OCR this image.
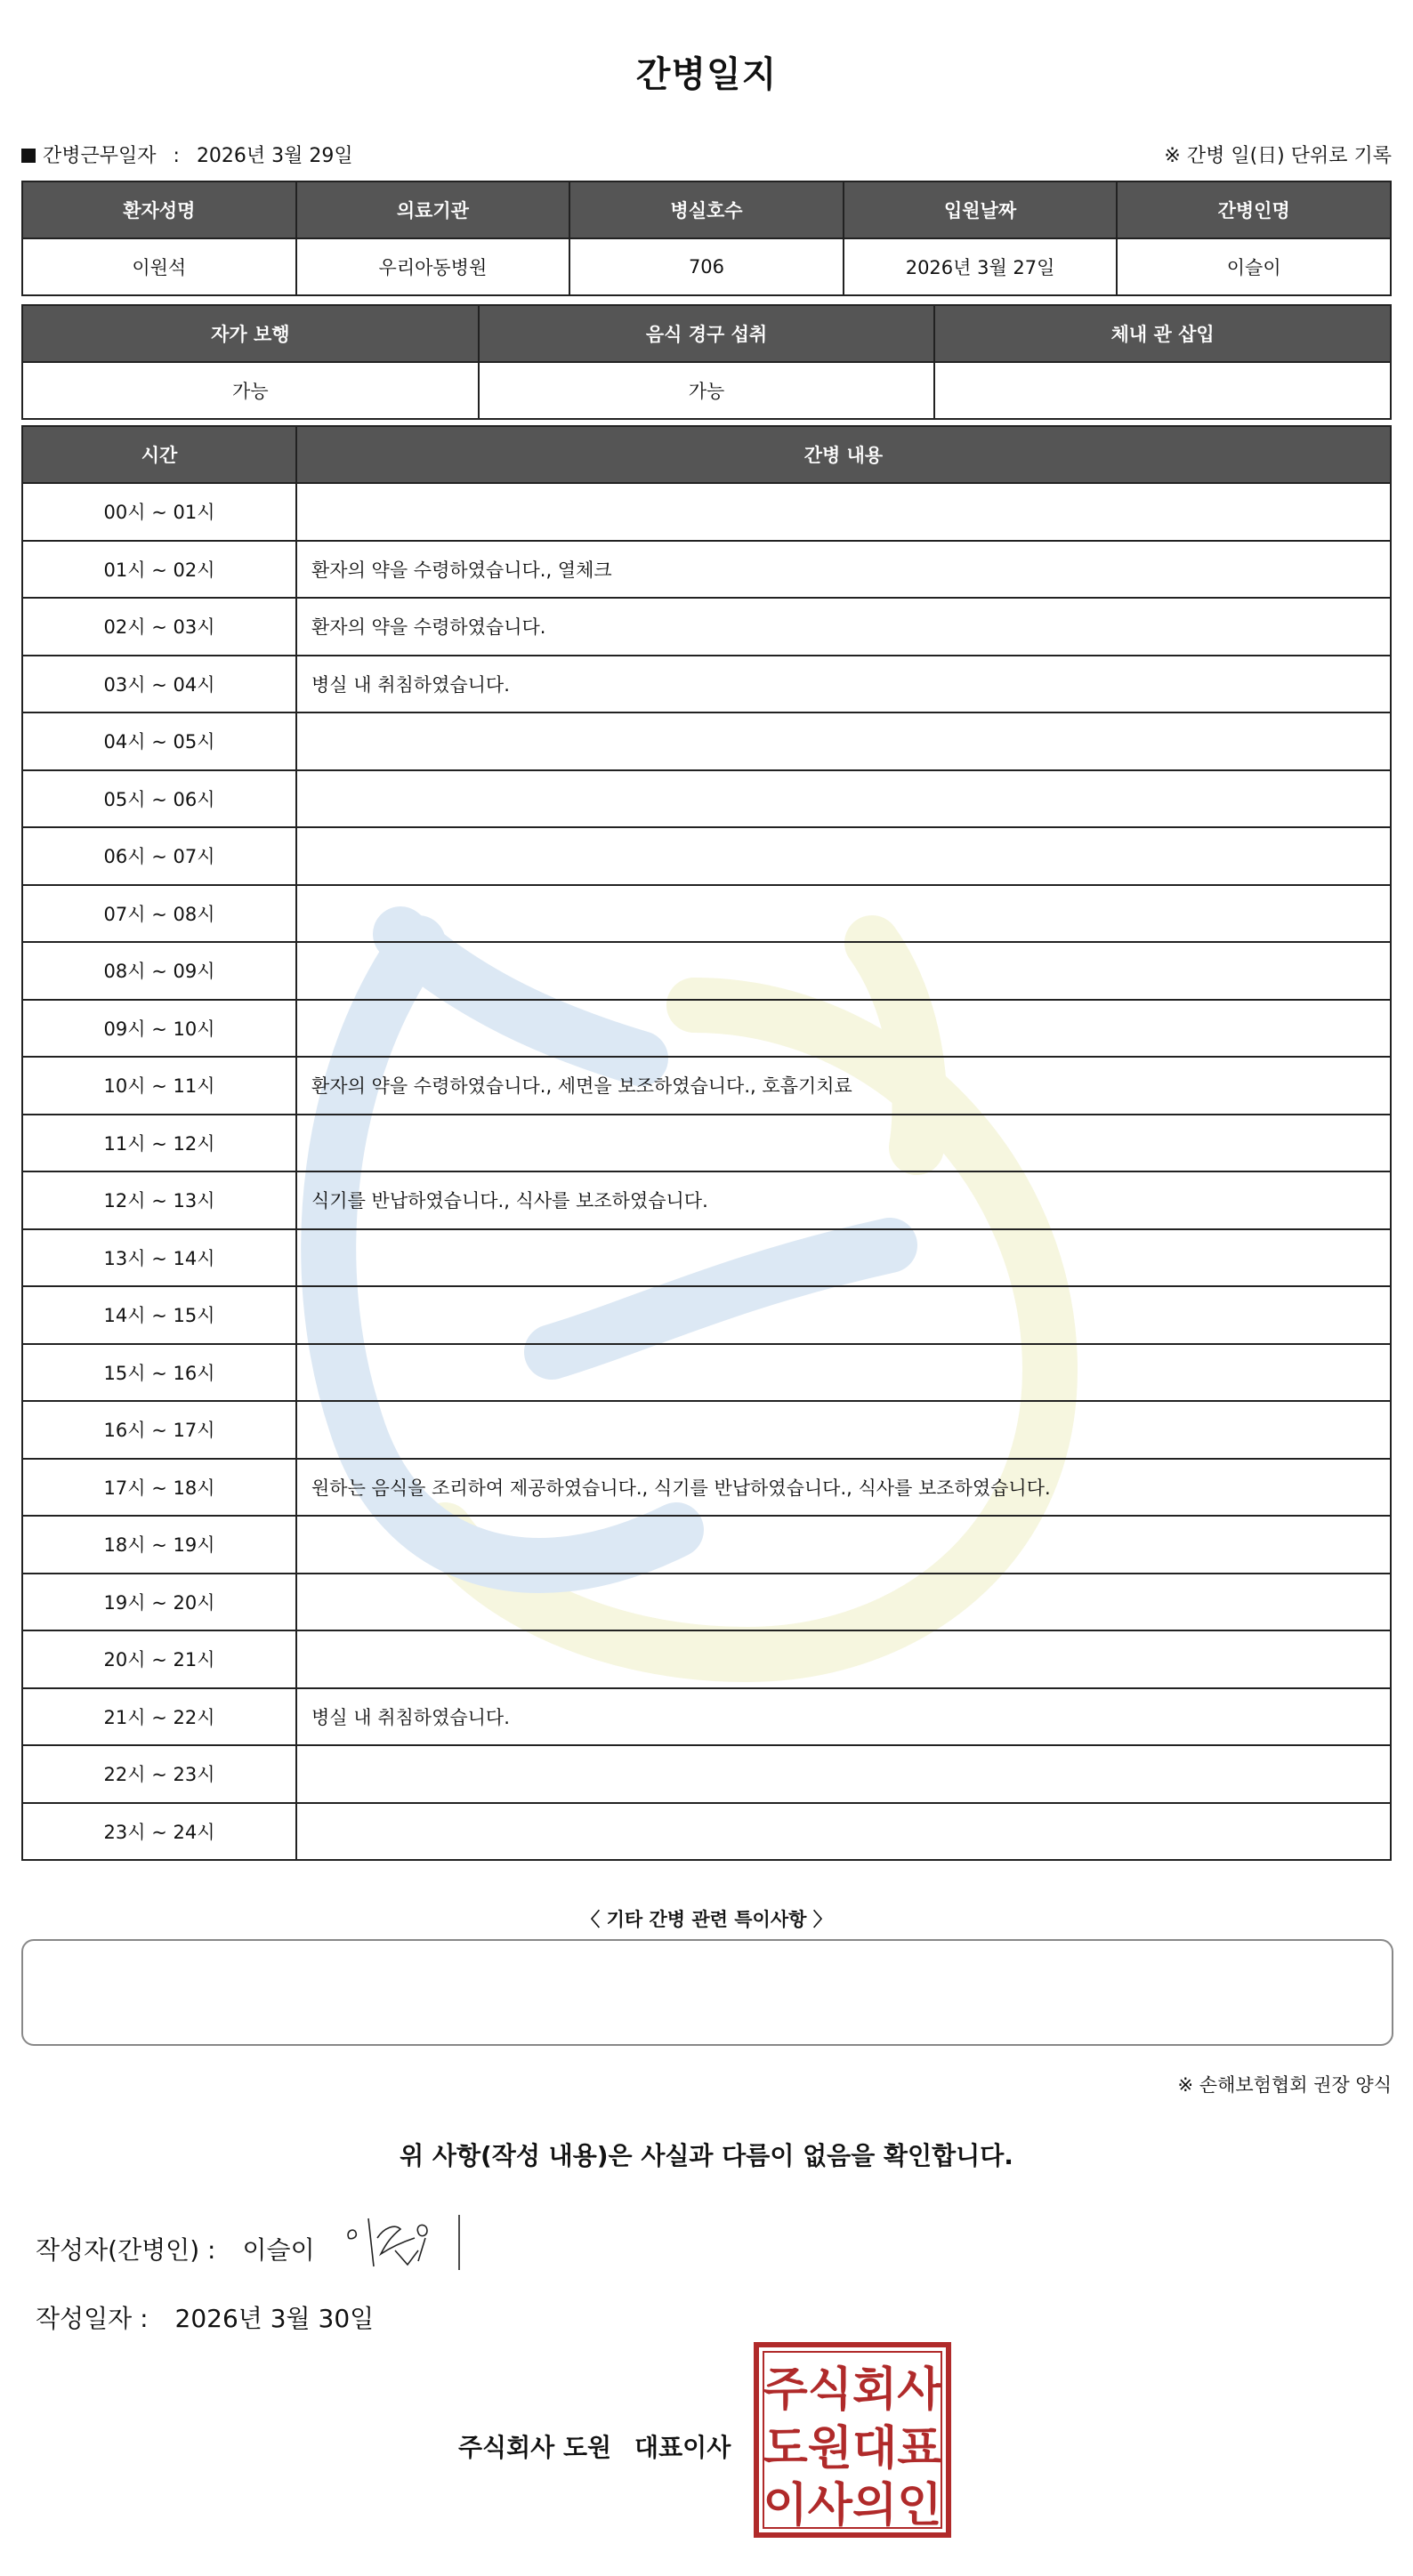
간병일지
간병근무일자 : 2026년 3월 29일	※ 간병 일(日) 단위로 기록
환자성명	의료기관	병실호수	입원날짜	간병인명
이원석	우리아동병원	706	2026년 3월 27일	이슬이
자가 보행	음식 경구 섭취	체내 관 삽입
가능	가능	
시간	간병 내용
00시 ~ 01시	
01시 ~ 02시	환자의 약을 수령하였습니다., 열체크
02시 ~ 03시	환자의 약을 수령하였습니다.
03시 ~ 04시	병실 내 취침하였습니다.
04시 ~ 05시	
05시 ~ 06시	
06시 ~ 07시	
07시 ~ 08시	
08시 ~ 09시	
09시 ~ 10시	
10시 ~ 11시	환자의 약을 수령하였습니다., 세면을 보조하였습니다., 호흡기치료
11시 ~ 12시	
12시 ~ 13시	식기를 반납하였습니다., 식사를 보조하였습니다.
13시 ~ 14시	
14시 ~ 15시	
15시 ~ 16시	
16시 ~ 17시	
17시 ~ 18시	원하는 음식을 조리하여 제공하였습니다., 식기를 반납하였습니다., 식사를 보조하였습니다.
18시 ~ 19시	
19시 ~ 20시	
20시 ~ 21시	
21시 ~ 22시	병실 내 취침하였습니다.
22시 ~ 23시	
23시 ~ 24시	
〈 기타 간병 관련 특이사항 〉
※ 손해보험협회 권장 양식
위 사항(작성 내용)은 사실과 다름이 없음을 확인합니다.
작성자(간병인) : 이슬이
작성일자 : 2026년 3월 30일
주식회사 도원 대표이사
주식회사
도원대표
이사의인
